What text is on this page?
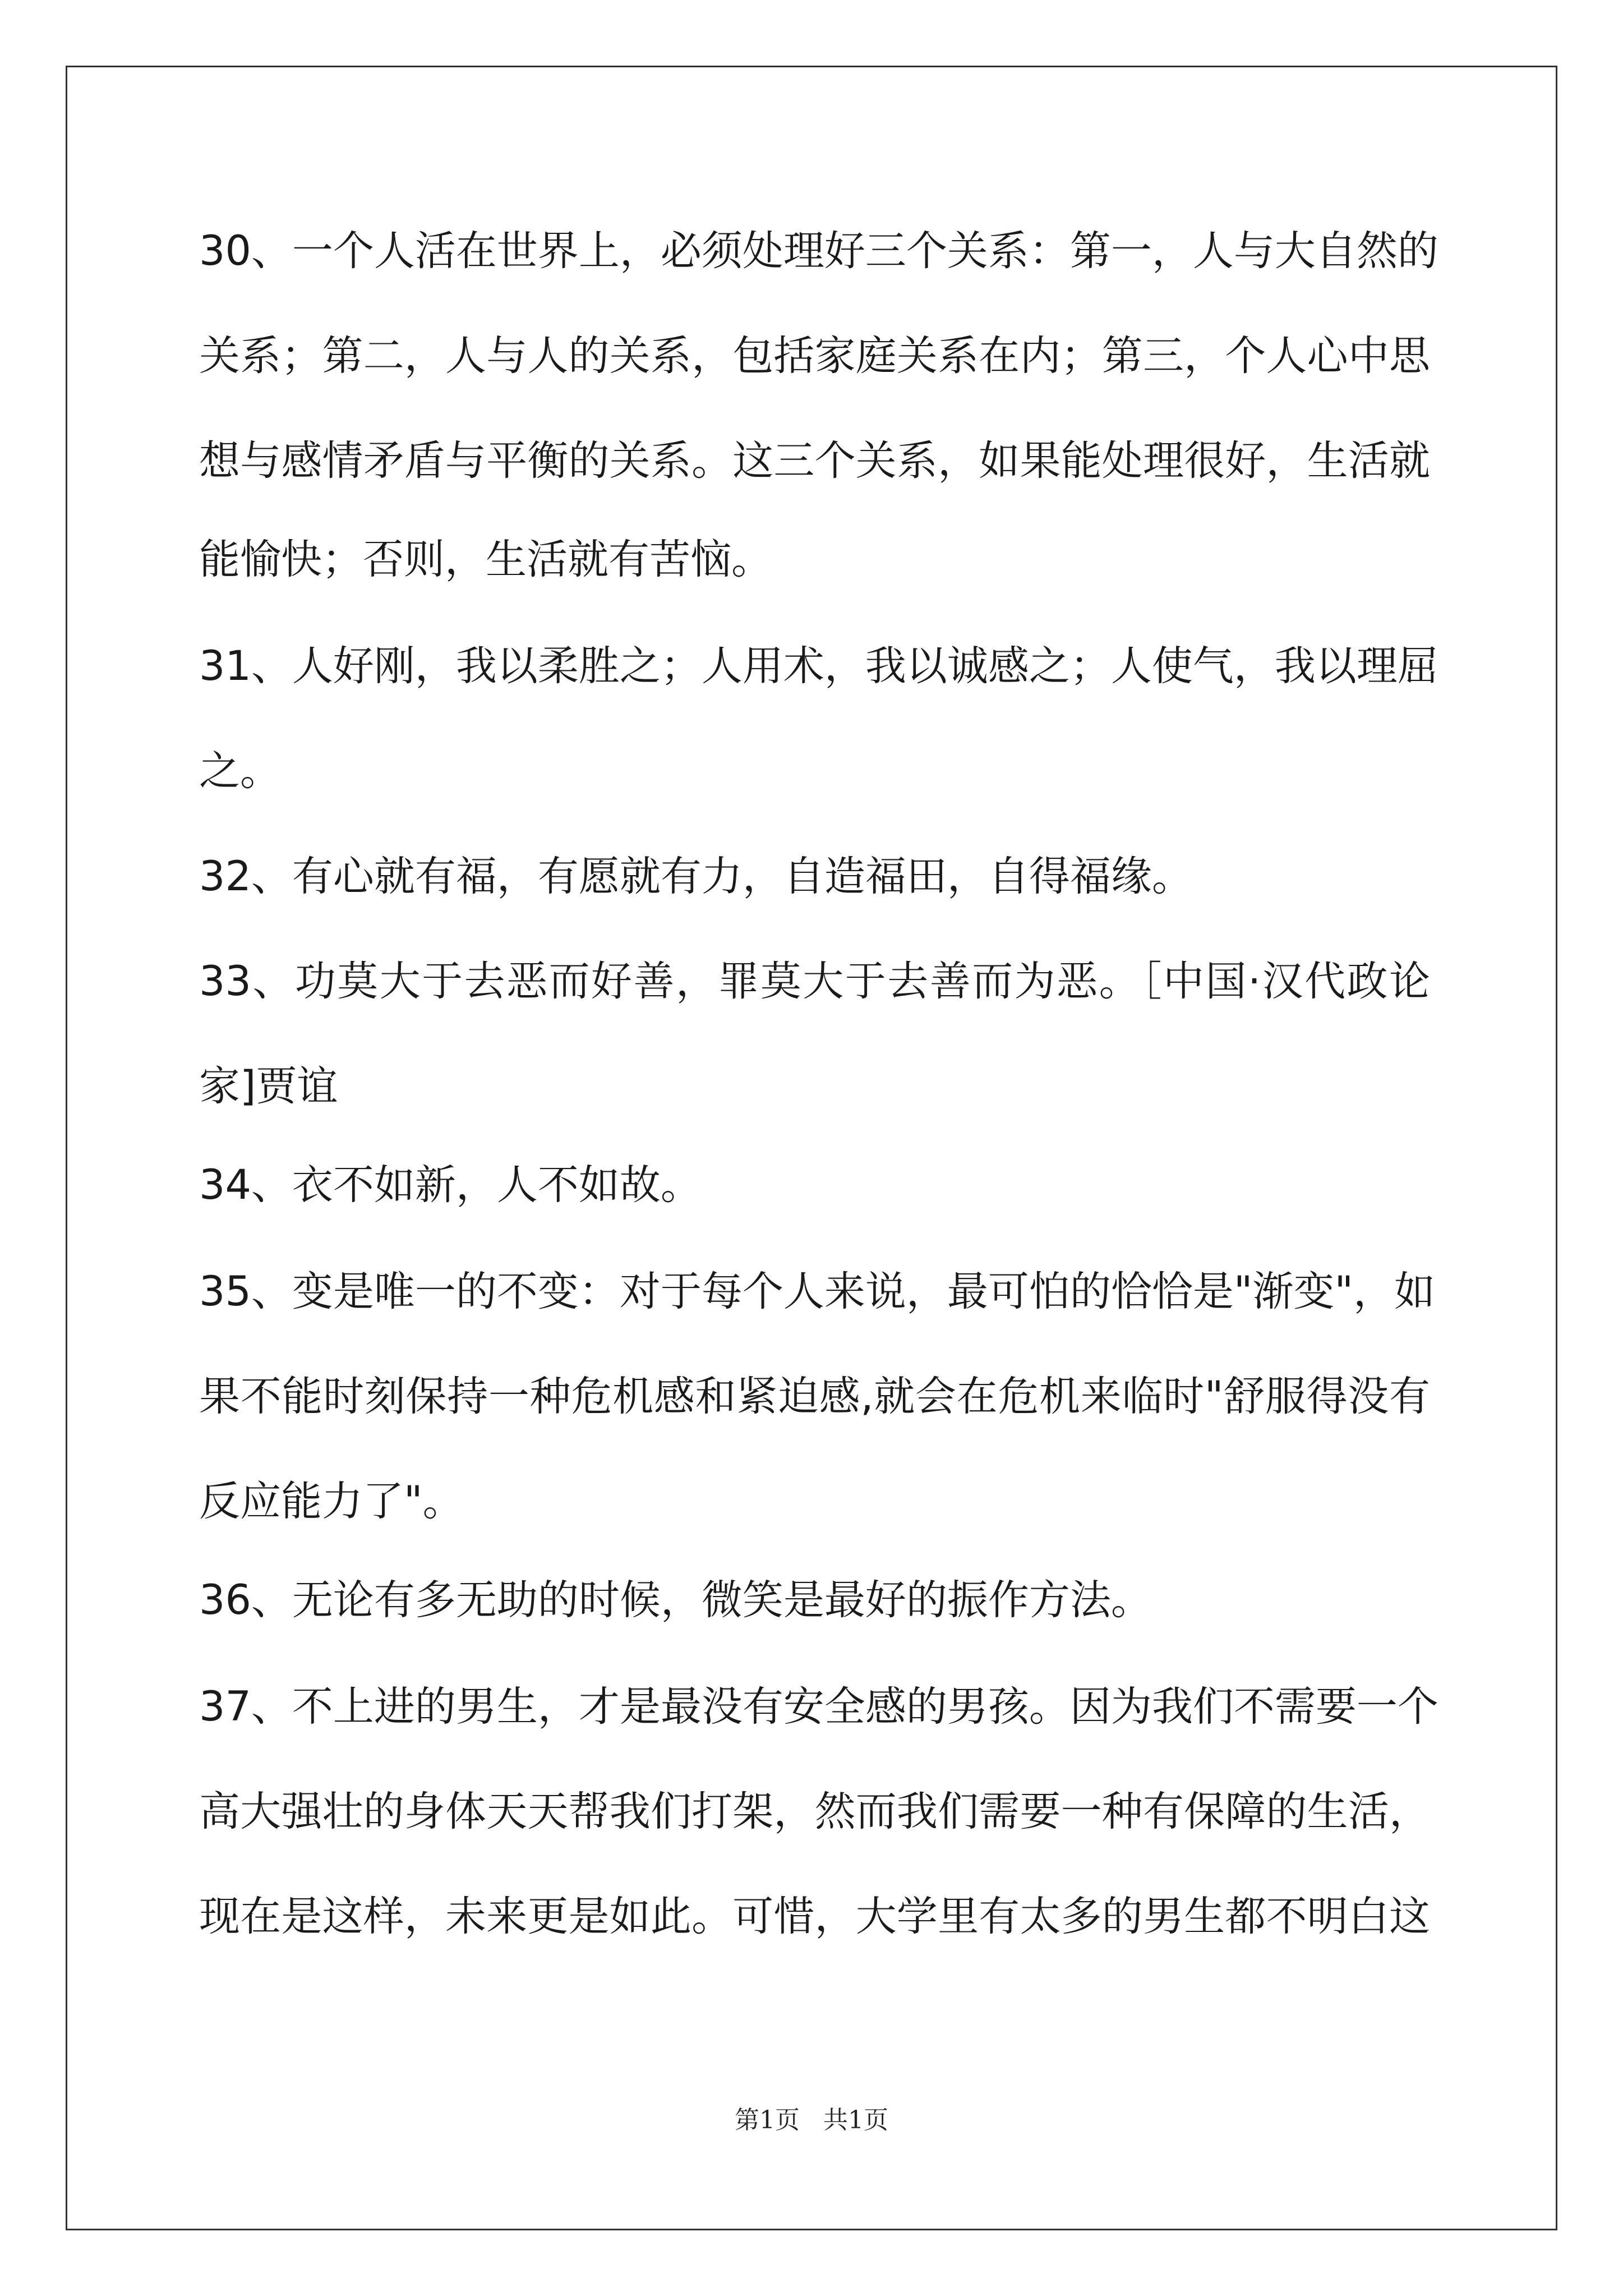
30、一个人活在世界上，必须处理好三个关系：第一，人与大自然的
关系；第二，人与人的关系，包括家庭关系在内；第三，个人心中思
想与感情矛盾与平衡的关系。这三个关系，如果能处理很好，生活就
能愉快；否则，生活就有苦恼。
31、人好刚，我以柔胜之；人用术，我以诚感之；人使气，我以理屈
之。
32、有心就有福，有愿就有力，自造福田，自得福缘。
33、功莫大于去恶而好善，罪莫大于去善而为恶。［中国·汉代政论
家]贾谊
34、衣不如新，人不如故。
35、变是唯一的不变：对于每个人来说，最可怕的恰恰是"渐变"，如
果不能时刻保持一种危机感和紧迫感,就会在危机来临时"舒服得没有
反应能力了"。
36、无论有多无助的时候，微笑是最好的振作方法。
37、不上进的男生，才是最没有安全感的男孩。因为我们不需要一个
高大强壮的身体天天帮我们打架，然而我们需要一种有保障的生活，
现在是这样，未来更是如此。可惜，大学里有太多的男生都不明白这
第1页   共1页
